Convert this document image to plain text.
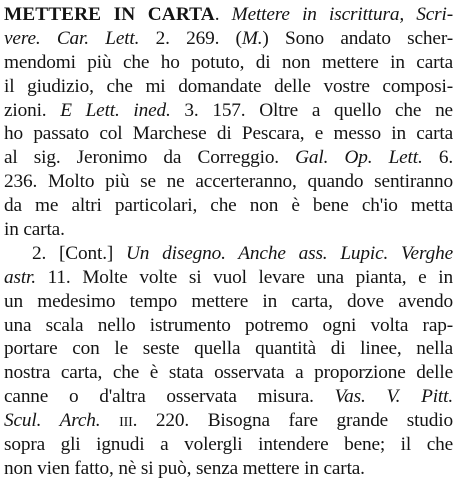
METTERE IN CARTA. Mettere in iscrittura, Scri-
vere. Car. Lett. 2. 269. (M.) Sono andato scher-
mendomi più che ho potuto, di non mettere in carta
il giudizio, che mi domandate delle vostre composi-
zioni. E Lett. ined. 3. 157. Oltre a quello che ne
ho passato col Marchese di Pescara, e messo in carta
al sig. Jeronimo da Correggio. Gal. Op. Lett. 6.
236. Molto più se ne accerteranno, quando sentiranno
da me altri particolari, che non è bene ch'io metta
in carta.
2. [Cont.] Un disegno. Anche ass. Lupic. Verghe
astr. 11. Molte volte si vuol levare una pianta, e in
un medesimo tempo mettere in carta, dove avendo
una scala nello istrumento potremo ogni volta rap-
portare con le seste quella quantità di linee, nella
nostra carta, che è stata osservata a proporzione delle
canne o d'altra osservata misura. Vas. V. Pitt.
Scul. Arch. iii. 220. Bisogna fare grande studio
sopra gli ignudi a volergli intendere bene; il che
non vien fatto, nè si può, senza mettere in carta.
